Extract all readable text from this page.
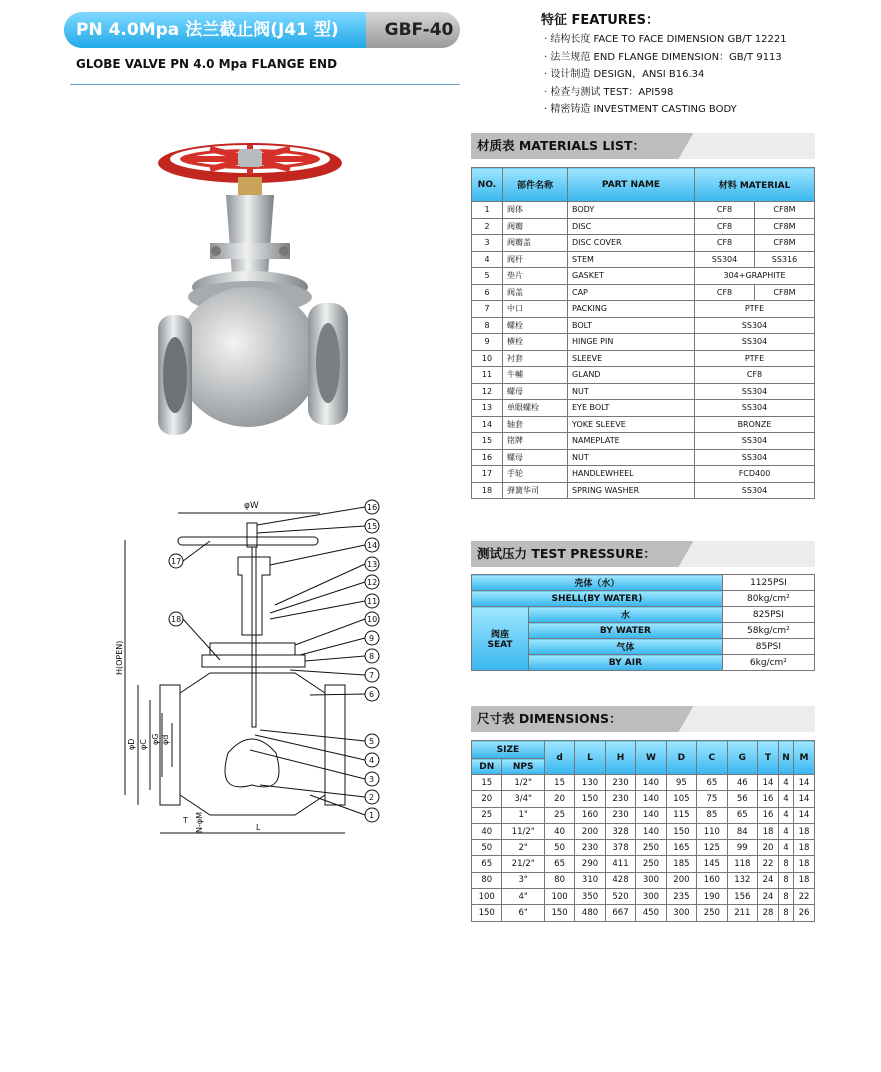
PN 4.0Mpa 法兰截止阀(J41 型)	GBF-40
GLOBE VALVE PN 4.0 Mpa FLANGE END
特征 FEATURES：
· 结构长度 FACE TO FACE DIMENSION GB/T 12221
· 法兰规范 END FLANGE DIMENSION：GB/T 9113
· 设计制造 DESIGN，ANSI B16.34
· 检查与测试 TEST：API598
· 精密铸造 INVESTMENT CASTING BODY
φW
H(OPEN)
φD φC φG φd
T N-φM	L
16
15
14
13
12
11
10
9
8
7
6
5
4
3
2
1
17
18
材质表 MATERIALS LIST：
NO.	部件名称	PART NAME	材料 MATERIAL	
1	阀体	BODY	CF8	CF8M
2	阀瓣	DISC	CF8	CF8M
3	阀瓣盖	DISC COVER	CF8	CF8M
4	阀杆	STEM	SS304	SS316
5	垫片	GASKET	304+GRAPHITE	
6	阀盖	CAP	CF8	CF8M
7	中口	PACKING	PTFE	
8	螺栓	BOLT	SS304	
9	横栓	HINGE PIN	SS304	
10	衬套	SLEEVE	PTFE	
11	牛輔	GLAND	CF8	
12	螺母	NUT	SS304	
13	单眼螺栓	EYE BOLT	SS304	
14	轴套	YOKE SLEEVE	BRONZE	
15	铭牌	NAMEPLATE	SS304	
16	螺母	NUT	SS304	
17	手轮	HANDLEWHEEL	FCD400	
18	弹簧华司	SPRING WASHER	SS304	
测试压力 TEST PRESSURE：
壳体（水）		1125PSI
SHELL(BY WATER)		80kg/cm²

阀座
SEAT	水	825PSI
	BY WATER	58kg/cm²
	气体	85PSI
	BY AIR	6kg/cm²
尺寸表 DIMENSIONS：
SIZE		d	L	H	W	D	C	G	T	N	M
DN	NPS										
15	1/2"	15	130	230	140	95	65	46	14	4	14
20	3/4"	20	150	230	140	105	75	56	16	4	14
25	1"	25	160	230	140	115	85	65	16	4	14
40	11/2"	40	200	328	140	150	110	84	18	4	18
50	2"	50	230	378	250	165	125	99	20	4	18
65	21/2"	65	290	411	250	185	145	118	22	8	18
80	3"	80	310	428	300	200	160	132	24	8	18
100	4"	100	350	520	300	235	190	156	24	8	22
150	6"	150	480	667	450	300	250	211	28	8	26
